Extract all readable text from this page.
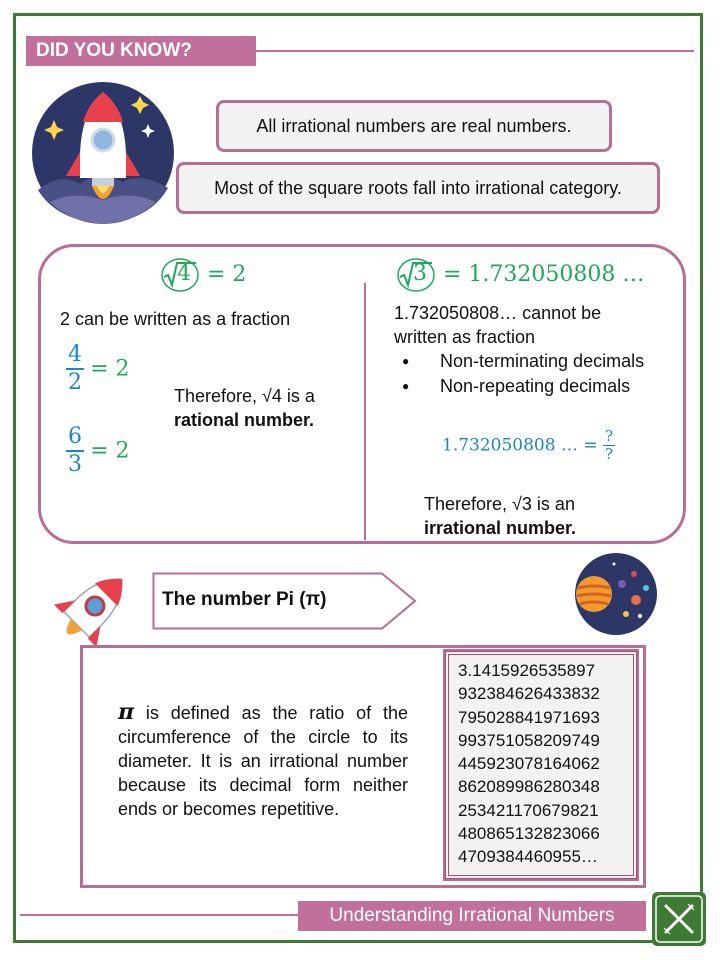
DID YOU KNOW?
All irrational numbers are real numbers.
Most of the square roots fall into irrational category.
4 = 2
2 can be written as a fraction
$\frac{4}{2} = 2$
$\frac{6}{3} = 2$
Therefore, √4 is a
rational number.
3 = 1.732050808 …
1.732050808… cannot be written as fraction
● Non-terminating decimals
● Non-repeating decimals
1.732050808 … = $\frac{?}{?}$
Therefore, √3 is an
irrational number.
The number Pi (π)
π is defined as the ratio of the circumference of the circle to its diameter. It is an irrational number because its decimal form neither ends or becomes repetitive.
3.1415926535897
932384626433832
795028841971693
993751058209749
445923078164062
862089986280348
253421170679821
480865132823066
4709384460955…
Understanding Irrational Numbers
